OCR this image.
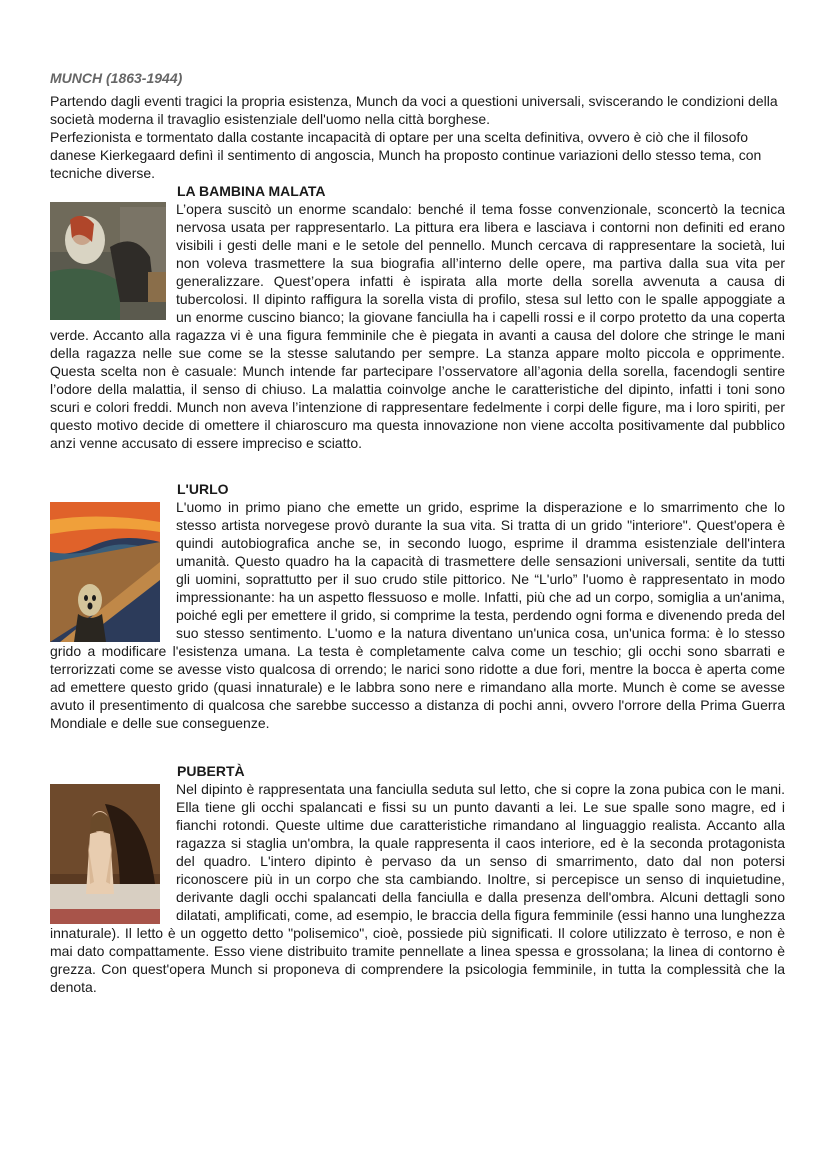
MUNCH (1863-1944)

Partendo dagli eventi tragici la propria esistenza, Munch da voci a questioni universali, sviscerando le condizioni della società moderna il travaglio esistenziale dell'uomo nella città borghese.

Perfezionista e tormentato dalla costante incapacità di optare per una scelta definitiva, ovvero è ciò che il filosofo danese Kierkegaard definì il sentimento di angoscia, Munch ha proposto continue variazioni dello stesso tema, con tecniche diverse.

LA BAMBINA MALATA

L’opera suscitò un enorme scandalo: benché il tema fosse convenzionale, sconcertò la tecnica nervosa usata per rappresentarlo. La pittura era libera e lasciava i contorni non definiti ed erano visibili i gesti delle mani e le setole del pennello. Munch cercava di rappresentare la società, lui non voleva trasmettere la sua biografia all’interno delle opere, ma partiva dalla sua vita per generalizzare. Quest’opera infatti è ispirata alla morte della sorella avvenuta a causa di tubercolosi. Il dipinto raffigura la sorella vista di profilo, stesa sul letto con le spalle appoggiate a un enorme cuscino bianco; la giovane fanciulla ha i capelli rossi e il corpo protetto da una coperta verde. Accanto alla ragazza vi è una figura femminile che è piegata in avanti a causa del dolore che stringe le mani della ragazza nelle sue come se la stesse salutando per sempre. La stanza appare molto piccola e opprimente. Questa scelta non è casuale: Munch intende far partecipare l’osservatore all’agonia della sorella, facendogli sentire l’odore della malattia, il senso di chiuso. La malattia coinvolge anche le caratteristiche del dipinto, infatti i toni sono scuri e colori freddi. Munch non aveva l’intenzione di rappresentare fedelmente i corpi delle figure, ma i loro spiriti, per questo motivo decide di omettere il chiaroscuro ma questa innovazione non viene accolta positivamente dal pubblico anzi venne accusato di essere impreciso e sciatto.

L'URLO

L'uomo in primo piano che emette un grido, esprime la disperazione e lo smarrimento che lo stesso artista norvegese provò durante la sua vita. Si tratta di un grido "interiore". Quest'opera è quindi autobiografica anche se, in secondo luogo, esprime il dramma esistenziale dell'intera umanità. Questo quadro ha la capacità di trasmettere delle sensazioni universali, sentite da tutti gli uomini, soprattutto per il suo crudo stile pittorico. Ne “L'urlo” l'uomo è rappresentato in modo impressionante: ha un aspetto flessuoso e molle. Infatti, più che ad un corpo, somiglia a un'anima, poiché egli per emettere il grido, si comprime la testa, perdendo ogni forma e divenendo preda del suo stesso sentimento. L'uomo e la natura diventano un'unica cosa, un'unica forma: è lo stesso grido a modificare l'esistenza umana. La testa è completamente calva come un teschio; gli occhi sono sbarrati e terrorizzati come se avesse visto qualcosa di orrendo; le narici sono ridotte a due fori, mentre la bocca è aperta come ad emettere questo grido (quasi innaturale) e le labbra sono nere e rimandano alla morte. Munch è come se avesse avuto il presentimento di qualcosa che sarebbe successo a distanza di pochi anni, ovvero l'orrore della Prima Guerra Mondiale e delle sue conseguenze.

PUBERTÀ

Nel dipinto è rappresentata una fanciulla seduta sul letto, che si copre la zona pubica con le mani. Ella tiene gli occhi spalancati e fissi su un punto davanti a lei. Le sue spalle sono magre, ed i fianchi rotondi. Queste ultime due caratteristiche rimandano al linguaggio realista. Accanto alla ragazza si staglia un'ombra, la quale rappresenta il caos interiore, ed è la seconda protagonista del quadro. L'intero dipinto è pervaso da un senso di smarrimento, dato dal non potersi riconoscere più in un corpo che sta cambiando. Inoltre, si percepisce un senso di inquietudine, derivante dagli occhi spalancati della fanciulla e dalla presenza dell'ombra. Alcuni dettagli sono dilatati, amplificati, come, ad esempio, le braccia della figura femminile (essi hanno una lunghezza innaturale). Il letto è un oggetto detto "polisemico", cioè, possiede più significati. Il colore utilizzato è terroso, e non è mai dato compattamente. Esso viene distribuito tramite pennellate a linea spessa e grossolana; la linea di contorno è grezza. Con quest'opera Munch si proponeva di comprendere la psicologia femminile, in tutta la complessità che la denota.
